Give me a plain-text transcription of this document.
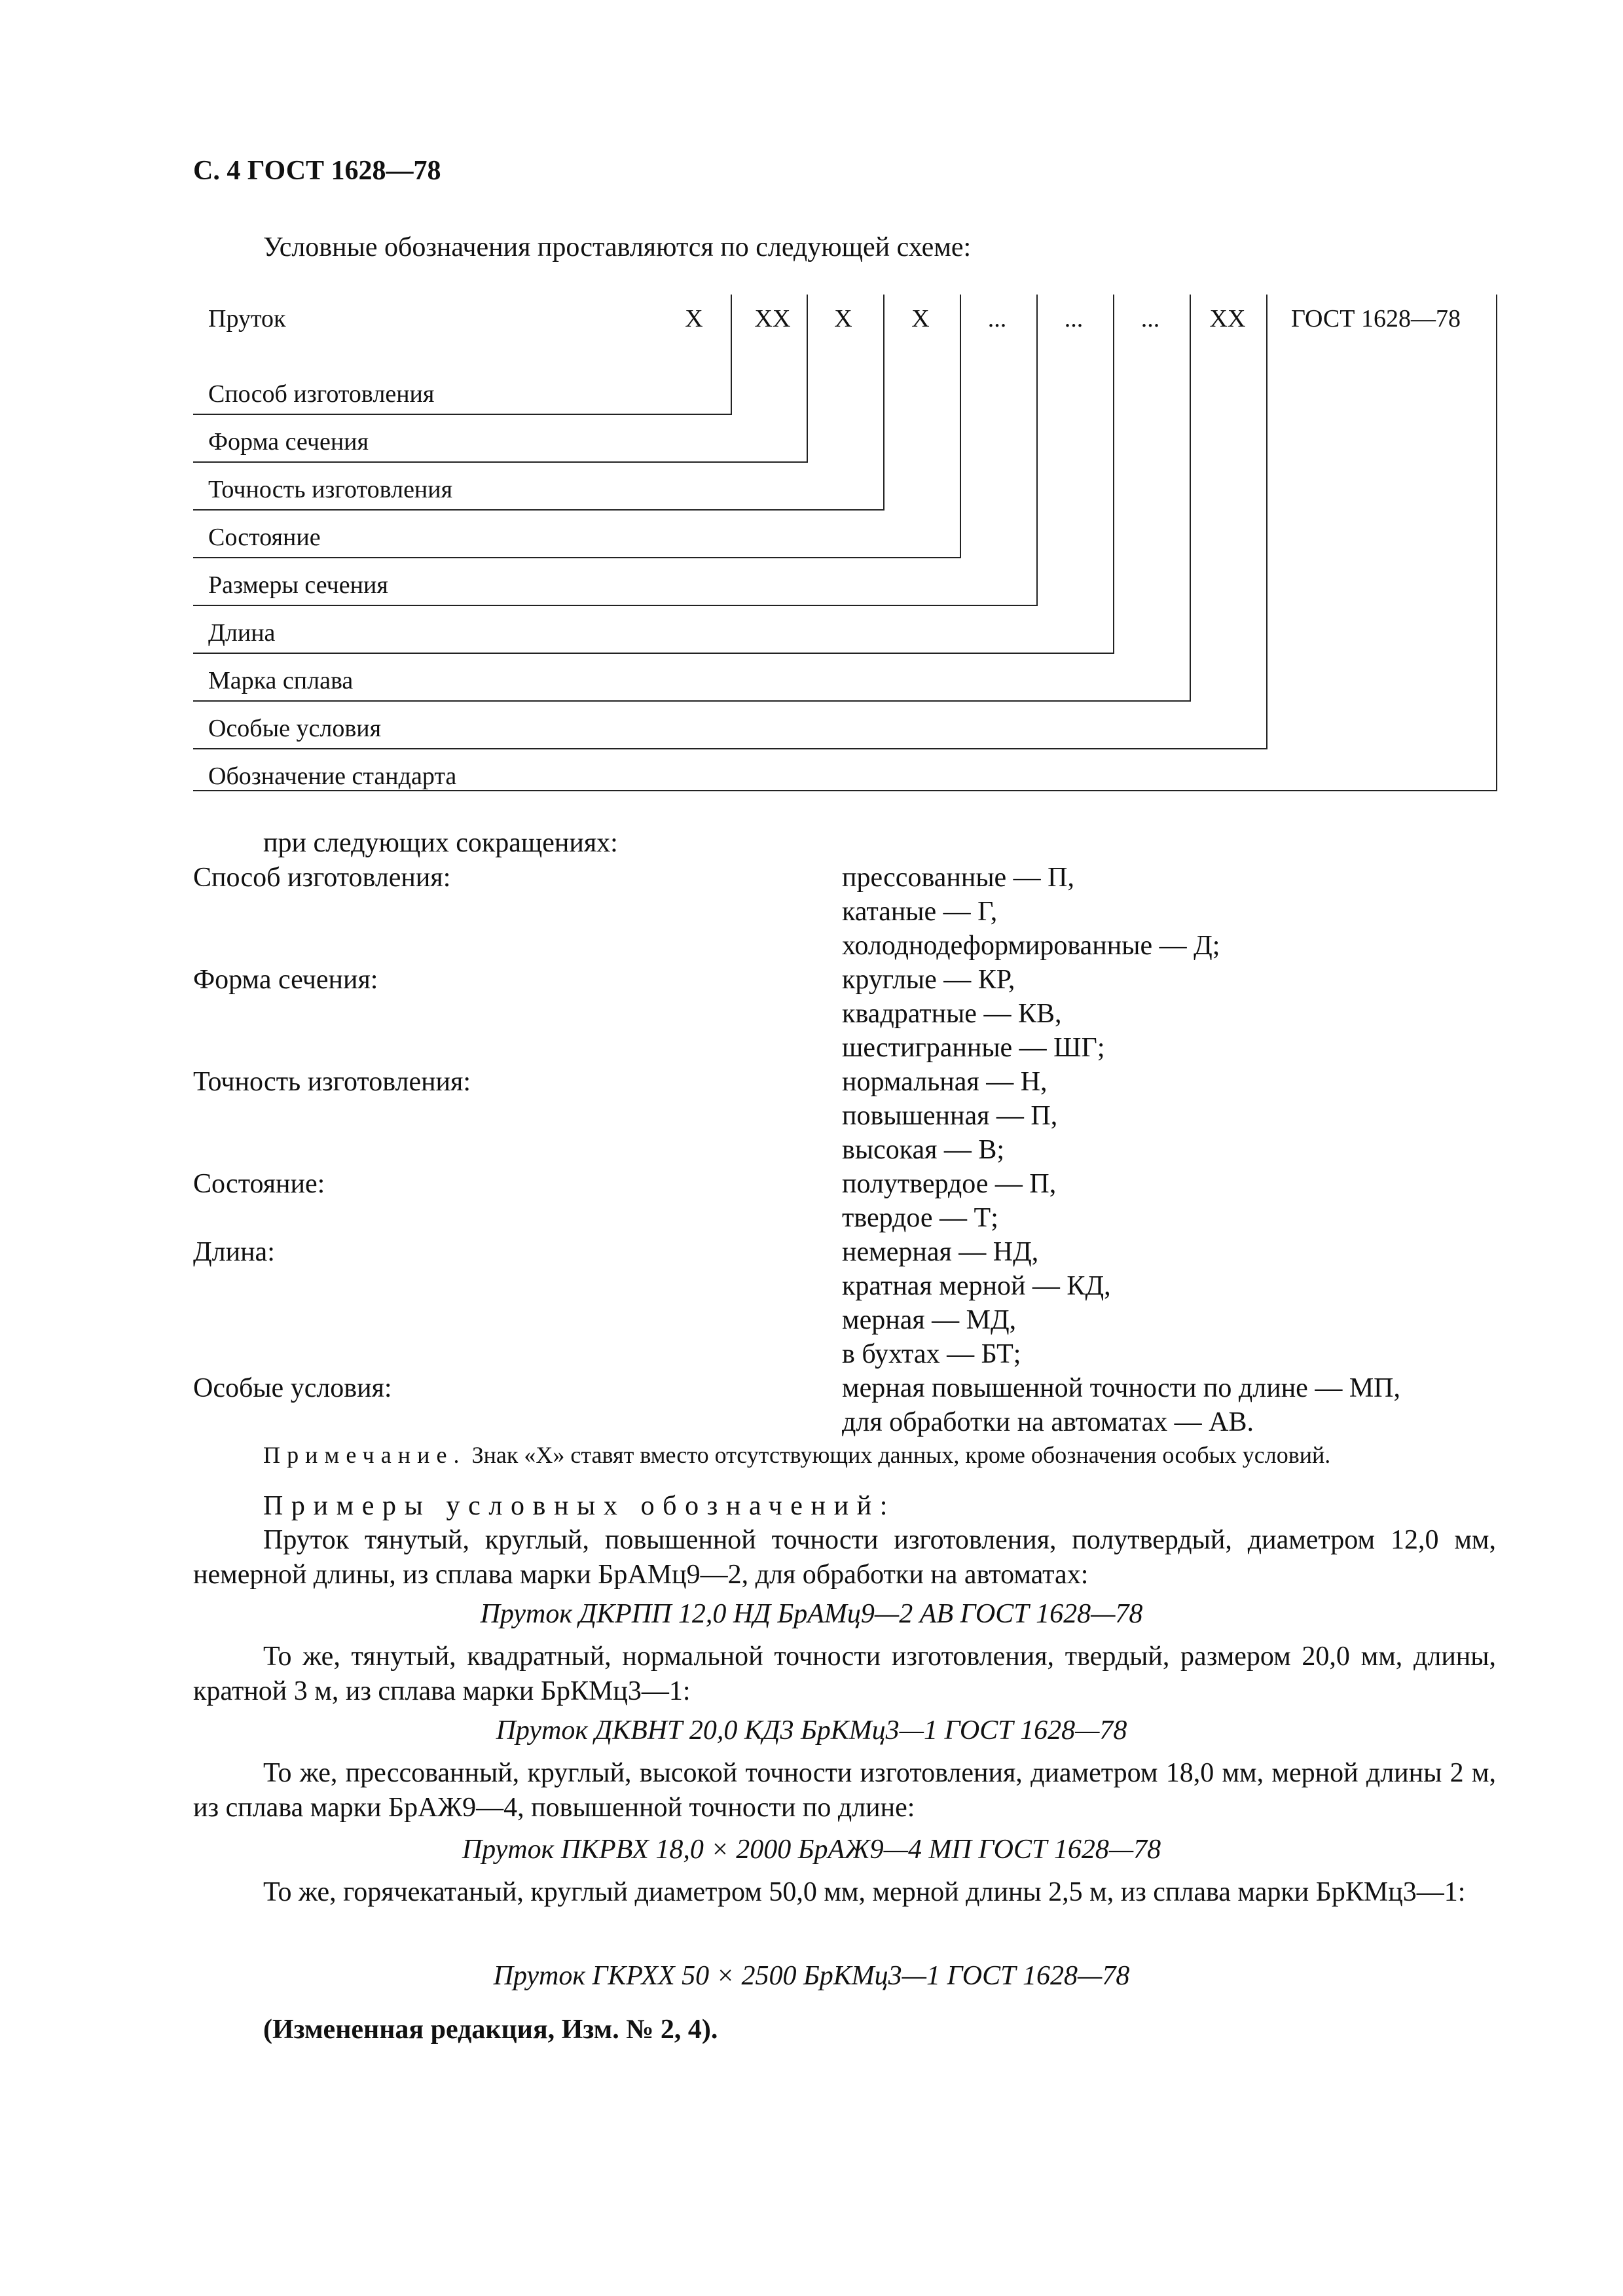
С. 4 ГОСТ 1628—78
Условные обозначения проставляются по следующей схеме:
Пруток	X	XX	X	X	...	...	...	XX	ГОСТ 1628—78
Способ изготовления
Форма сечения
Точность изготовления
Состояние
Размеры сечения
Длина
Марка сплава
Особые условия
Обозначение стандарта
при следующих сокращениях:
Способ изготовления:	прессованные — П,
катаные — Г,
холоднодеформированные — Д;
Форма сечения:	круглые — КР,
квадратные — КВ,
шестигранные — ШГ;
Точность изготовления:	нормальная — Н,
повышенная — П,
высокая — В;
Состояние:	полутвердое — П,
твердое — Т;
Длина:	немерная — НД,
кратная мерной — КД,
мерная — МД,
в бухтах — БТ;
Особые условия:	мерная повышенной точности по длине — МП,
для обработки на автоматах — АВ.
Примечание. Знак «X» ставят вместо отсутствующих данных, кроме обозначения особых условий.
Примеры условных обозначений:
Пруток тянутый, круглый, повышенной точности изготовления, полутвердый, диаметром 12,0 мм, немерной длины, из сплава марки БрАМц9—2, для обработки на автоматах:
Пруток ДКРПП 12,0 НД БрАМц9—2 АВ ГОСТ 1628—78
То же, тянутый, квадратный, нормальной точности изготовления, твердый, размером 20,0 мм, длины, кратной 3 м, из сплава марки БрКМц3—1:
Пруток ДКВНТ 20,0 КД3 БрКМц3—1 ГОСТ 1628—78
То же, прессованный, круглый, высокой точности изготовления, диаметром 18,0 мм, мерной длины 2 м, из сплава марки БрАЖ9—4, повышенной точности по длине:
Пруток ПКРВХ 18,0 × 2000 БрАЖ9—4 МП ГОСТ 1628—78
То же, горячекатаный, круглый диаметром 50,0 мм, мерной длины 2,5 м, из сплава марки БрКМц3—1:
Пруток ГКРХХ 50 × 2500 БрКМц3—1 ГОСТ 1628—78
(Измененная редакция, Изм. № 2, 4).
